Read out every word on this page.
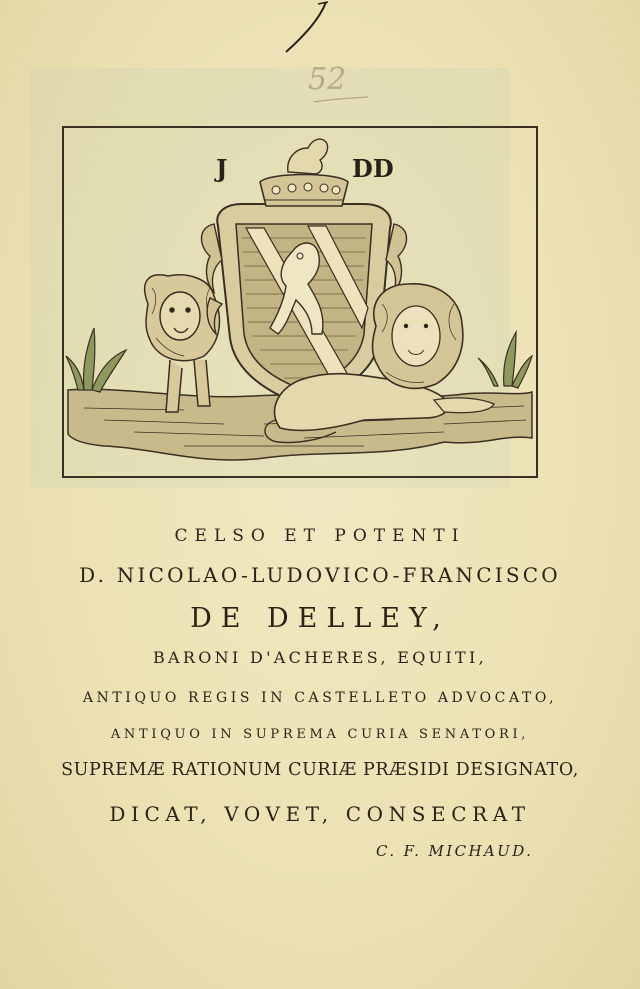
52
J	DD
CELSO ET POTENTI
D. NICOLAO-LUDOVICO-FRANCISCO
DE DELLEY,
BARONI D'ACHERES, EQUITI,
ANTIQUO REGIS IN CASTELLETO ADVOCATO,
ANTIQUO IN SUPREMA CURIA SENATORI,
SUPREMÆ RATIONUM CURIÆ PRÆSIDI DESIGNATO,
DICAT, VOVET, CONSECRAT
C. F. MICHAUD.
